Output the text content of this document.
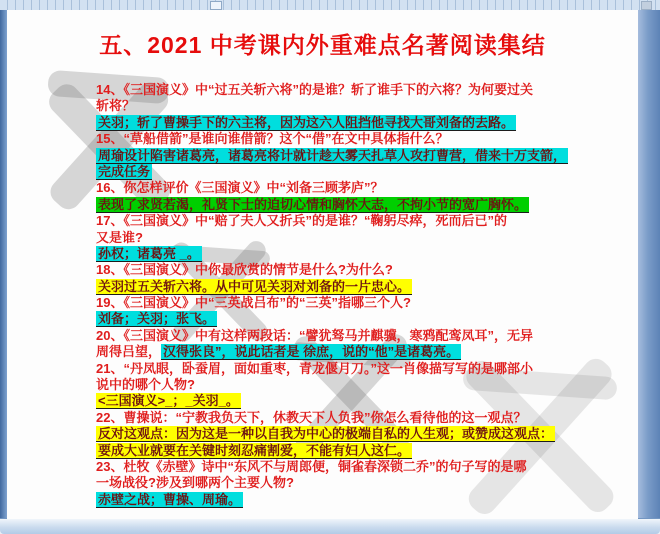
五、2021 中考课内外重难点名著阅读集结

14、《三国演义》中“过五关斩六将”的是谁？斩了谁手下的六将？为何要过关

斩将？

关羽；斩了曹操手下的六主将，因为这六人阻挡他寻找大哥刘备的去路。

15、“草船借箭”是谁向谁借箭？这个“借”在文中具体指什么？

周瑜设计陷害诸葛亮，诸葛亮将计就计趁大雾天扎草人攻打曹营，借来十万支箭，

完成任务

16、你怎样评价《三国演义》中“刘备三顾茅庐”？

表现了求贤若渴，礼贤下士的迫切心情和胸怀大志，不拘小节的宽广胸怀。

17、《三国演义》中“赔了夫人又折兵”的是谁？“鞠躬尽瘁，死而后已”的

又是谁?

孙权；诸葛亮 _。

18、《三国演义》中你最欣赏的情节是什么?为什么?

关羽过五关斩六将。从中可见关羽对刘备的一片忠心。

19、《三国演义》中“三英战吕布”的“三英”指哪三个人?

刘备；关羽；张飞。

20、《三国演义》中有这样两段话：“譬犹驽马并麒骥，寒鸦配鸾凤耳”，无异

周得吕望， 汉得张良”，说此话者是 徐庶，说的“他”是诸葛亮。

21、“丹凤眼，卧蚕眉，面如重枣，青龙偃月刀。”这一肖像描写写的是哪部小

说中的哪个人物?

<三国演义>_；_关羽_。

22、曹操说：“宁教我负天下，休教天下人负我”你怎么看待他的这一观点？

反对这观点：因为这是一种以自我为中心的极端自私的人生观；或赞成这观点：

要成大业就要在关键时刻忍痛割爱，不能有妇人这仁。

23、杜牧《赤壁》诗中“东风不与周郎便，铜雀春深锁二乔”的句子写的是哪

一场战役?涉及到哪两个主要人物?

赤壁之战；曹操、周瑜。
